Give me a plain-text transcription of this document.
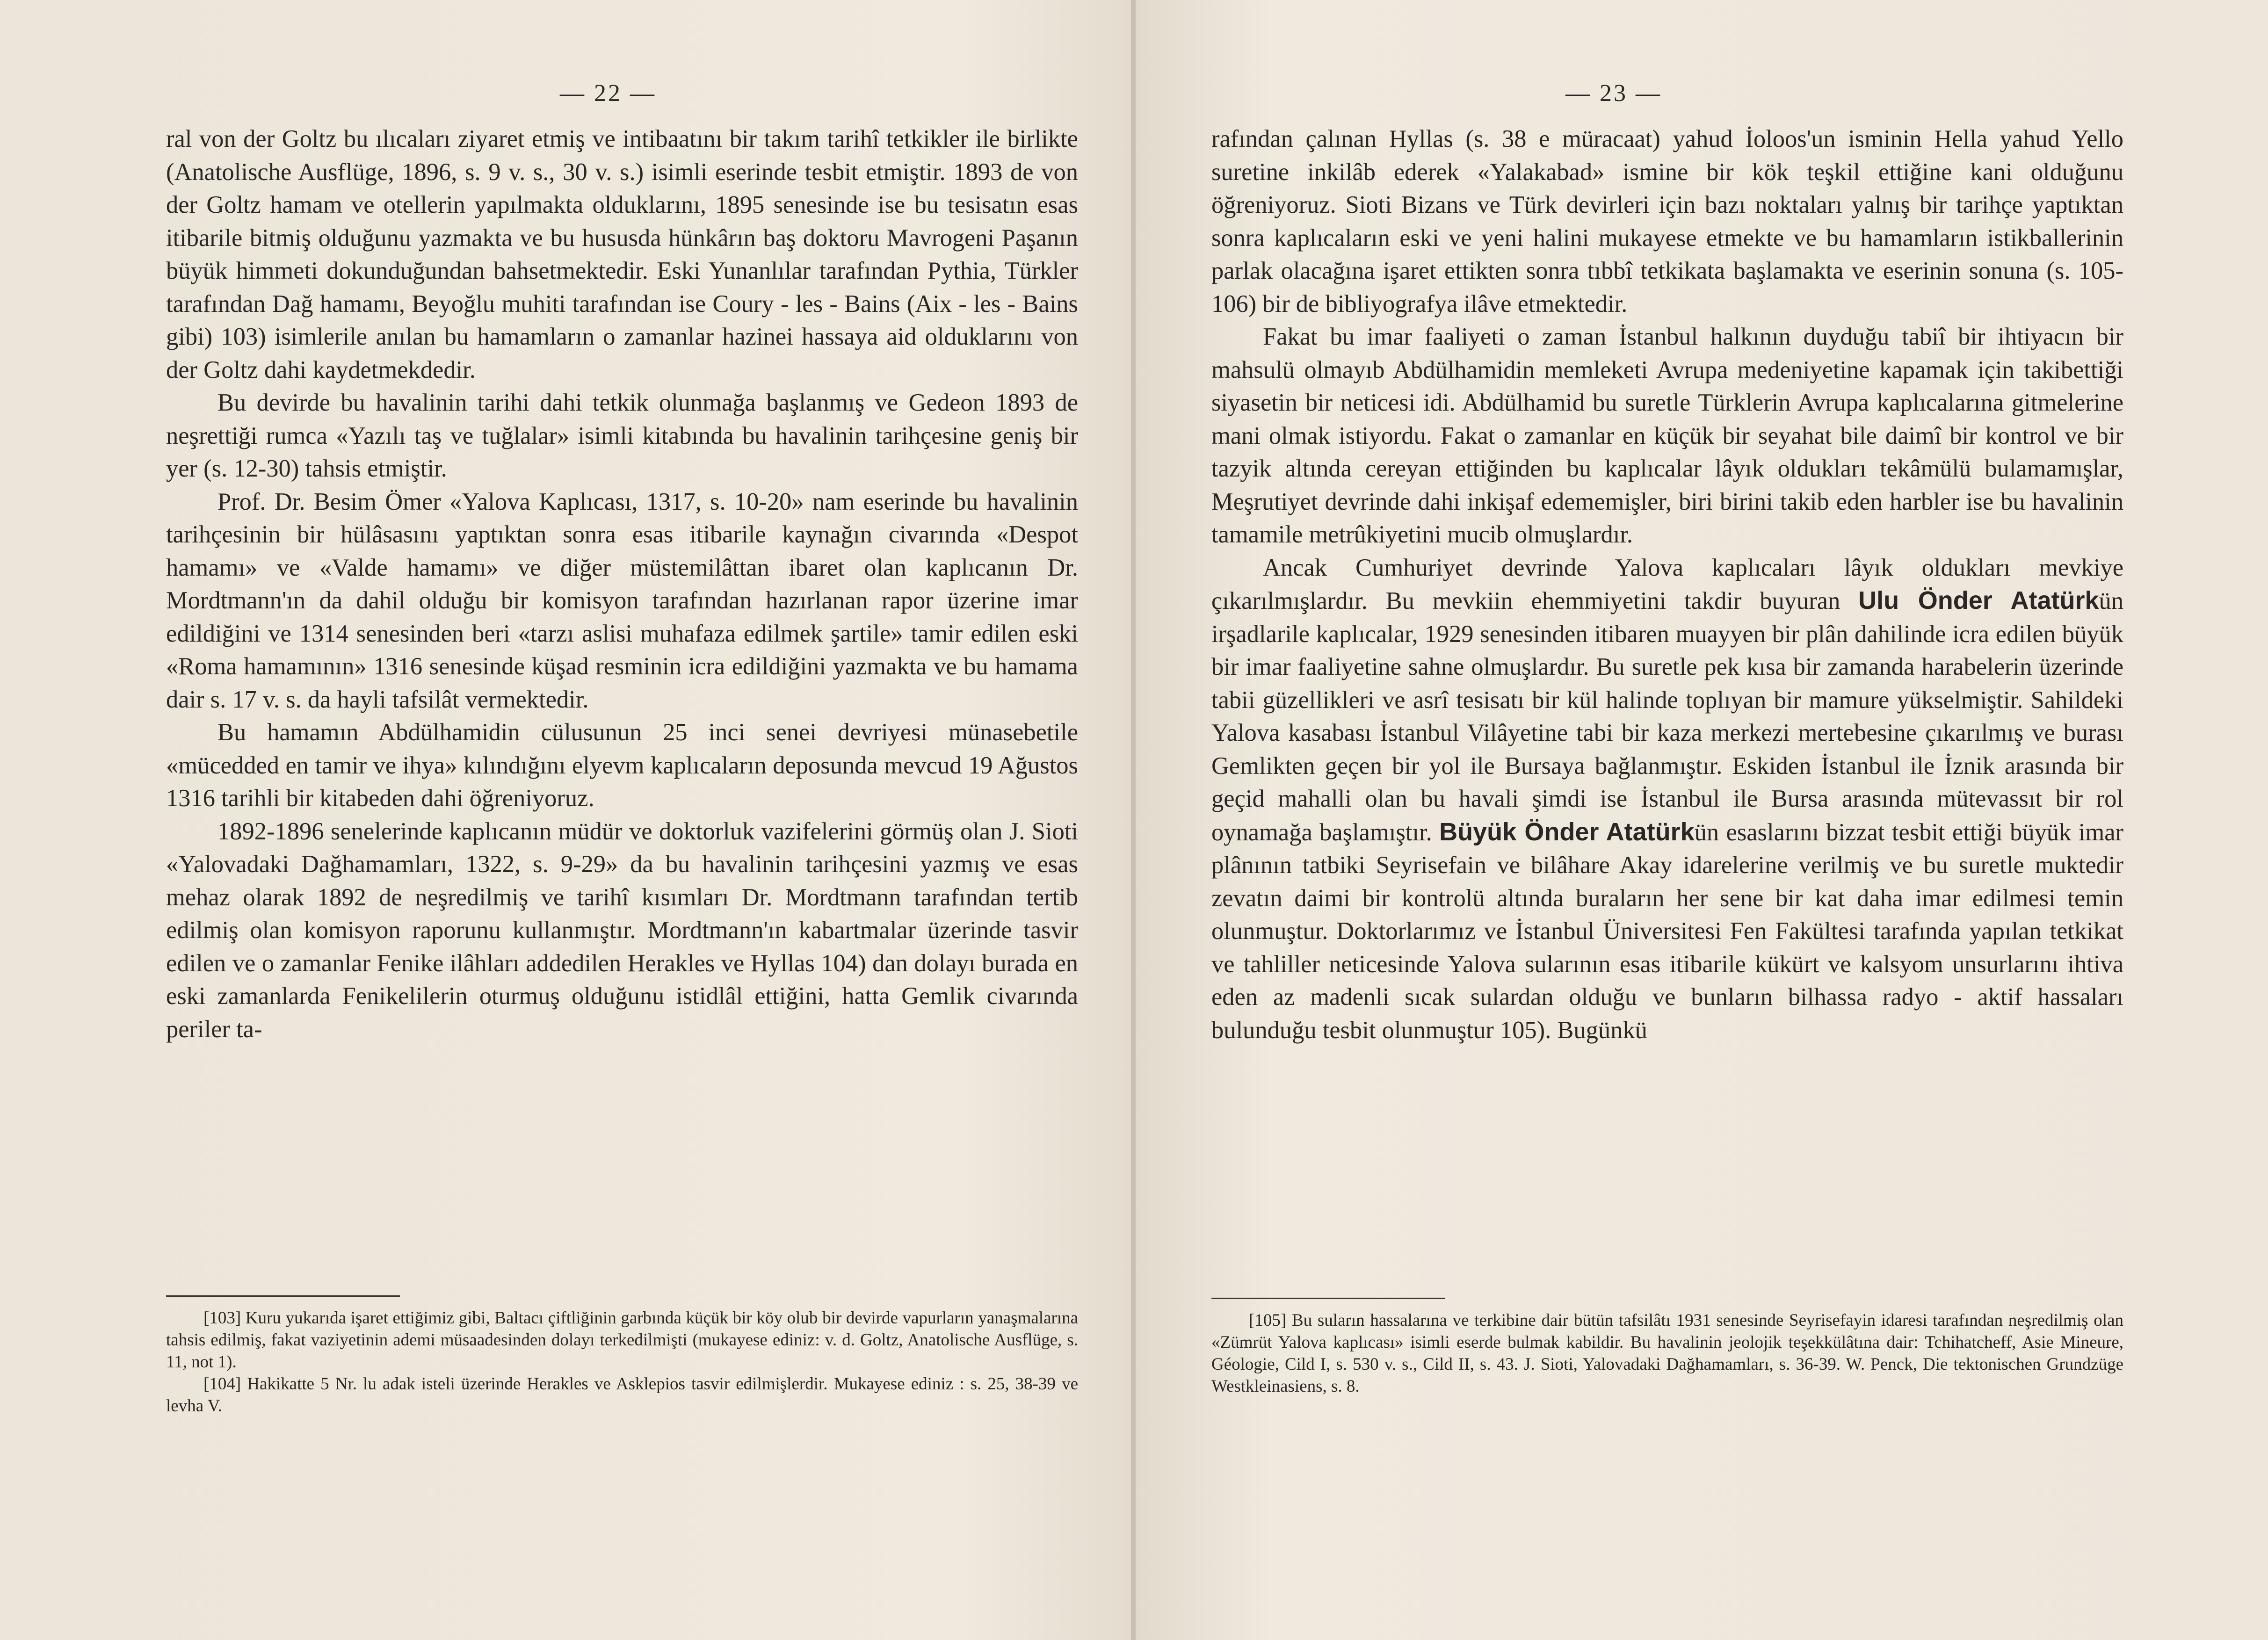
— 22 —

ral von der Goltz bu ılıcaları ziyaret etmiş ve intibaatını bir takım tarihî tetkikler ile birlikte (Anatolische Ausflüge, 1896, s. 9 v. s., 30 v. s.) isimli eserinde tesbit etmiştir. 1893 de von der Goltz hamam ve otellerin yapılmakta olduklarını, 1895 senesinde ise bu tesisatın esas itibarile bitmiş olduğunu yazmakta ve bu hususda hünkârın baş doktoru Mavrogeni Paşanın büyük himmeti dokunduğundan bahsetmektedir. Eski Yunanlılar tarafından Pythia, Türkler tarafından Dağ hamamı, Beyoğlu muhiti tarafından ise Coury - les - Bains (Aix - les - Bains gibi) 103) isimlerile anılan bu hamamların o zamanlar hazinei hassaya aid olduklarını von der Goltz dahi kaydetmekdedir.

Bu devirde bu havalinin tarihi dahi tetkik olunmağa başlanmış ve Gedeon 1893 de neşrettiği rumca «Yazılı taş ve tuğlalar» isimli kitabında bu havalinin tarihçesine geniş bir yer (s. 12-30) tahsis etmiştir.

Prof. Dr. Besim Ömer «Yalova Kaplıcası, 1317, s. 10-20» nam eserinde bu havalinin tarihçesinin bir hülâsasını yaptıktan sonra esas itibarile kaynağın civarında «Despot hamamı» ve «Valde hamamı» ve diğer müstemilâttan ibaret olan kaplıcanın Dr. Mordtmann'ın da dahil olduğu bir komisyon tarafından hazırlanan rapor üzerine imar edildiğini ve 1314 senesinden beri «tarzı aslisi muhafaza edilmek şartile» tamir edilen eski «Roma hamamının» 1316 senesinde küşad resminin icra edildiğini yazmakta ve bu hamama dair s. 17 v. s. da hayli tafsilât vermektedir.

Bu hamamın Abdülhamidin cülusunun 25 inci senei devriyesi münasebetile «mücedded en tamir ve ihya» kılındığını elyevm kaplıcaların deposunda mevcud 19 Ağustos 1316 tarihli bir kitabeden dahi öğreniyoruz.

1892-1896 senelerinde kaplıcanın müdür ve doktorluk vazifelerini görmüş olan J. Sioti «Yalovadaki Dağhamamları, 1322, s. 9-29» da bu havalinin tarihçesini yazmış ve esas mehaz olarak 1892 de neşredilmiş ve tarihî kısımları Dr. Mordtmann tarafından tertib edilmiş olan komisyon raporunu kullanmıştır. Mordtmann'ın kabartmalar üzerinde tasvir edilen ve o zamanlar Fenike ilâhları addedilen Herakles ve Hyllas 104) dan dolayı burada en eski zamanlarda Fenikelilerin oturmuş olduğunu istidlâl ettiğini, hatta Gemlik civarında periler ta-

[103] Kuru yukarıda işaret ettiğimiz gibi, Baltacı çiftliğinin garbında küçük bir köy olub bir devirde vapurların yanaşmalarına tahsis edilmiş, fakat vaziyetinin ademi müsaadesinden dolayı terkedilmişti (mukayese ediniz: v. d. Goltz, Anatolische Ausflüge, s. 11, not 1).

[104] Hakikatte 5 Nr. lu adak isteli üzerinde Herakles ve Asklepios tasvir edilmişlerdir. Mukayese ediniz : s. 25, 38-39 ve levha V.

— 23 —

rafından çalınan Hyllas (s. 38 e müracaat) yahud İoloos'un isminin Hella yahud Yello suretine inkilâb ederek «Yalakabad» ismine bir kök teşkil ettiğine kani olduğunu öğreniyoruz. Sioti Bizans ve Türk devirleri için bazı noktaları yalnış bir tarihçe yaptıktan sonra kaplıcaların eski ve yeni halini mukayese etmekte ve bu hamamların istikballerinin parlak olacağına işaret ettikten sonra tıbbî tetkikata başlamakta ve eserinin sonuna (s. 105-106) bir de bibliyografya ilâve etmektedir.

Fakat bu imar faaliyeti o zaman İstanbul halkının duyduğu tabiî bir ihtiyacın bir mahsulü olmayıb Abdülhamidin memleketi Avrupa medeniyetine kapamak için takibettiği siyasetin bir neticesi idi. Abdülhamid bu suretle Türklerin Avrupa kaplıcalarına gitmelerine mani olmak istiyordu. Fakat o zamanlar en küçük bir seyahat bile daimî bir kontrol ve bir tazyik altında cereyan ettiğinden bu kaplıcalar lâyık oldukları tekâmülü bulamamışlar, Meşrutiyet devrinde dahi inkişaf edememişler, biri birini takib eden harbler ise bu havalinin tamamile metrûkiyetini mucib olmuşlardır.

Ancak Cumhuriyet devrinde Yalova kaplıcaları lâyık oldukları mevkiye çıkarılmışlardır. Bu mevkiin ehemmiyetini takdir buyuran Ulu Önder Atatürkün irşadlarile kaplıcalar, 1929 senesinden itibaren muayyen bir plân dahilinde icra edilen büyük bir imar faaliyetine sahne olmuşlardır. Bu suretle pek kısa bir zamanda harabelerin üzerinde tabii güzellikleri ve asrî tesisatı bir kül halinde toplıyan bir mamure yükselmiştir. Sahildeki Yalova kasabası İstanbul Vilâyetine tabi bir kaza merkezi mertebesine çıkarılmış ve burası Gemlikten geçen bir yol ile Bursaya bağlanmıştır. Eskiden İstanbul ile İznik arasında bir geçid mahalli olan bu havali şimdi ise İstanbul ile Bursa arasında mütevassıt bir rol oynamağa başlamıştır. Büyük Önder Atatürkün esaslarını bizzat tesbit ettiği büyük imar plânının tatbiki Seyrisefain ve bilâhare Akay idarelerine verilmiş ve bu suretle muktedir zevatın daimi bir kontrolü altında buraların her sene bir kat daha imar edilmesi temin olunmuştur. Doktorlarımız ve İstanbul Üniversitesi Fen Fakültesi tarafında yapılan tetkikat ve tahliller neticesinde Yalova sularının esas itibarile kükürt ve kalsyom unsurlarını ihtiva eden az madenli sıcak sulardan olduğu ve bunların bilhassa radyo - aktif hassaları bulunduğu tesbit olunmuştur 105). Bugünkü

[105] Bu suların hassalarına ve terkibine dair bütün tafsilâtı 1931 senesinde Seyrisefayin idaresi tarafından neşredilmiş olan «Zümrüt Yalova kaplıcası» isimli eserde bulmak kabildir. Bu havalinin jeolojik teşekkülâtına dair: Tchihatcheff, Asie Mineure, Géologie, Cild I, s. 530 v. s., Cild II, s. 43. J. Sioti, Yalovadaki Dağhamamları, s. 36-39. W. Penck, Die tektonischen Grundzüge Westkleinasiens, s. 8.
